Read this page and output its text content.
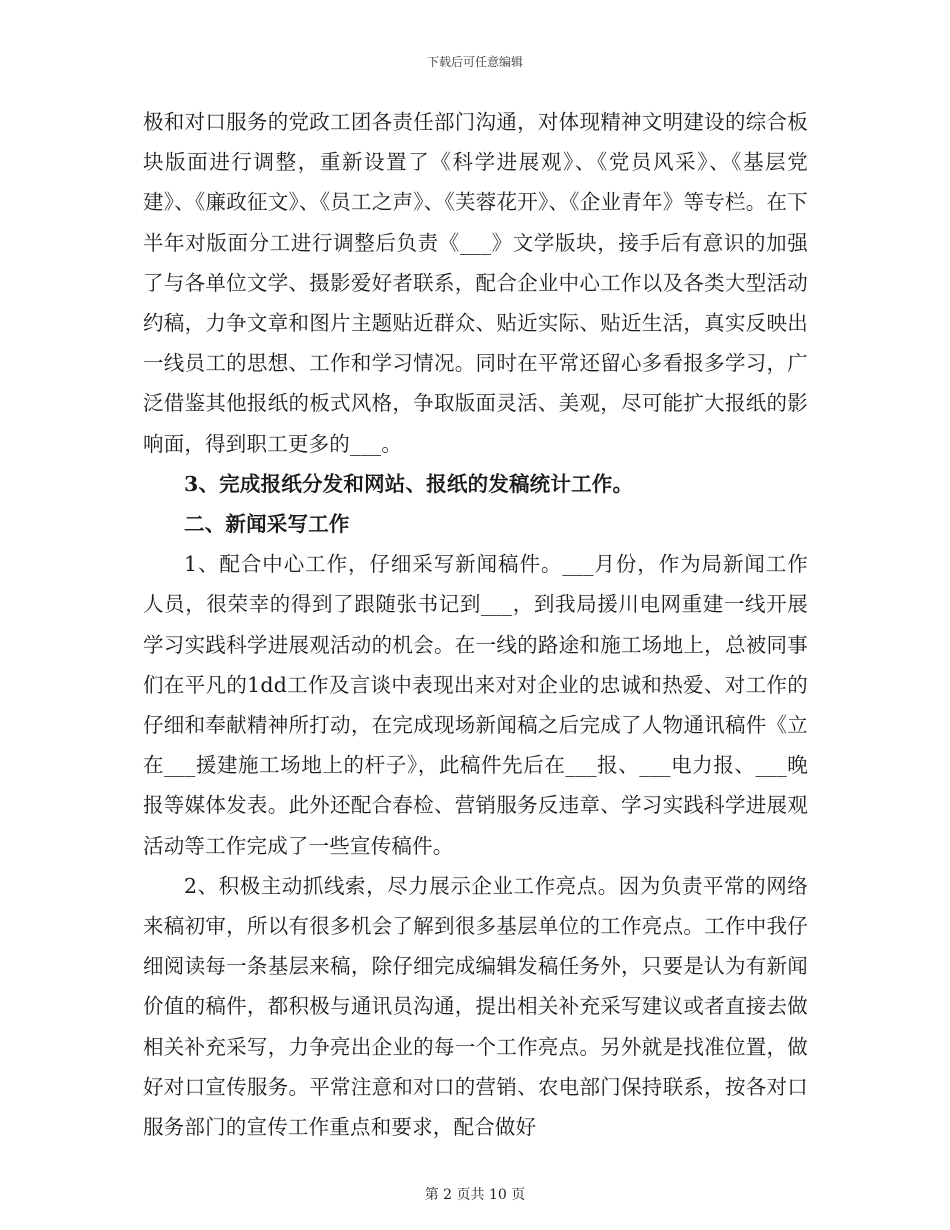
下载后可任意编辑

极和对口服务的党政工团各责任部门沟通，对体现精神文明建设的综合板块版面进行调整，重新设置了《科学进展观》、《党员风采》、《基层党建》、《廉政征文》、《员工之声》、《芙蓉花开》、《企业青年》等专栏。在下半年对版面分工进行调整后负责《___》文学版块，接手后有意识的加强了与各单位文学、摄影爱好者联系，配合企业中心工作以及各类大型活动约稿，力争文章和图片主题贴近群众、贴近实际、贴近生活，真实反映出一线员工的思想、工作和学习情况。同时在平常还留心多看报多学习，广泛借鉴其他报纸的板式风格，争取版面灵活、美观，尽可能扩大报纸的影响面，得到职工更多的___。

3、完成报纸分发和网站、报纸的发稿统计工作。

二、新闻采写工作

1、配合中心工作，仔细采写新闻稿件。___月份，作为局新闻工作人员，很荣幸的得到了跟随张书记到___，到我局援川电网重建一线开展学习实践科学进展观活动的机会。在一线的路途和施工场地上，总被同事们在平凡的1dd工作及言谈中表现出来对对企业的忠诚和热爱、对工作的仔细和奉献精神所打动，在完成现场新闻稿之后完成了人物通讯稿件《立在___援建施工场地上的杆子》，此稿件先后在___报、___电力报、___晚报等媒体发表。此外还配合春检、营销服务反违章、学习实践科学进展观活动等工作完成了一些宣传稿件。

2、积极主动抓线索，尽力展示企业工作亮点。因为负责平常的网络来稿初审，所以有很多机会了解到很多基层单位的工作亮点。工作中我仔细阅读每一条基层来稿，除仔细完成编辑发稿任务外，只要是认为有新闻价值的稿件，都积极与通讯员沟通，提出相关补充采写建议或者直接去做相关补充采写，力争亮出企业的每一个工作亮点。另外就是找准位置，做好对口宣传服务。平常注意和对口的营销、农电部门保持联系，按各对口服务部门的宣传工作重点和要求，配合做好

第 2 页共 10 页
